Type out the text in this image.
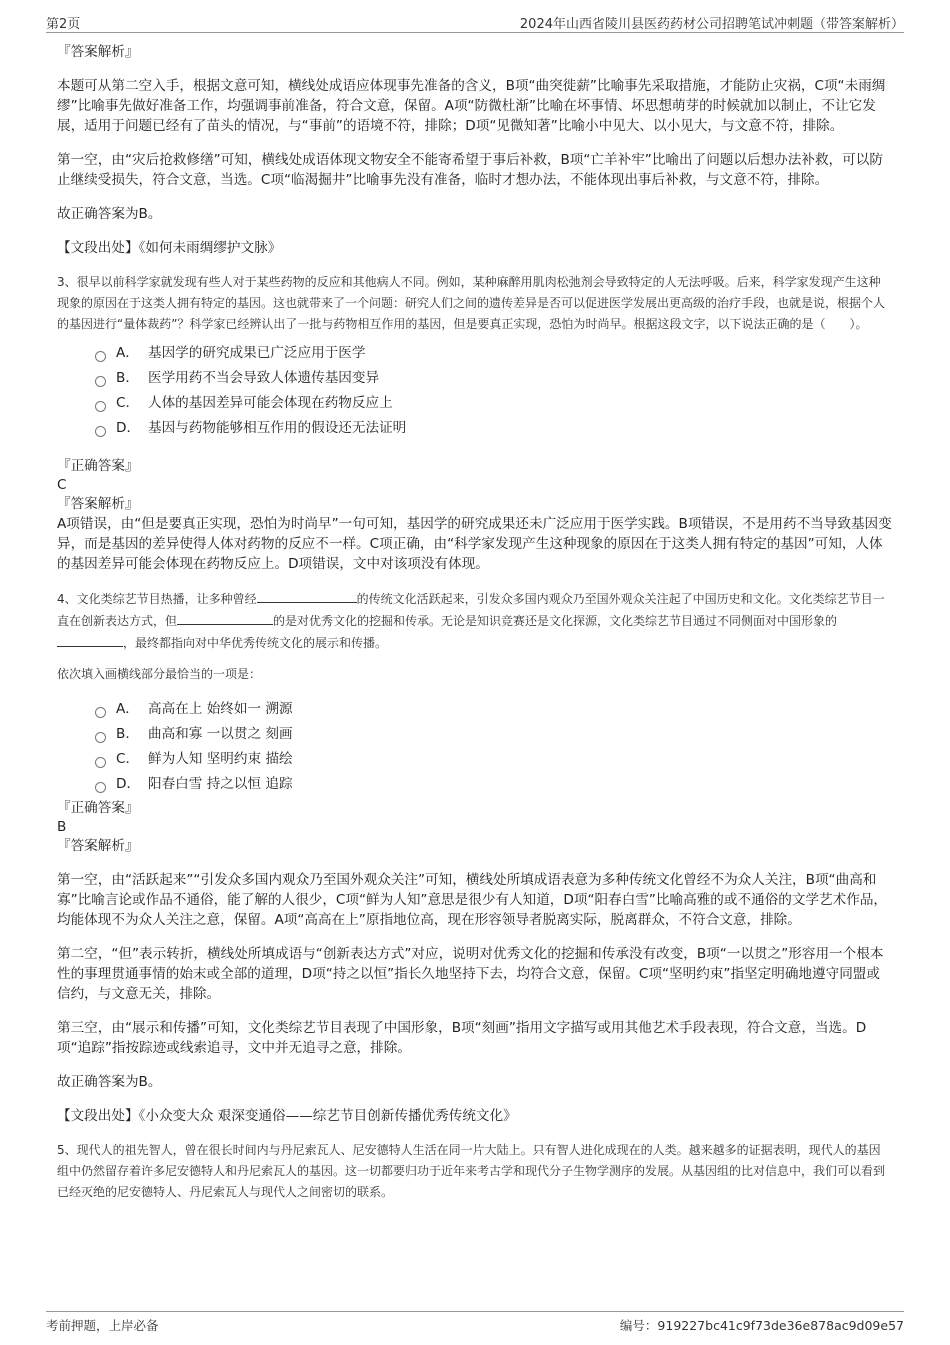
第2页	2024年山西省陵川县医药药材公司招聘笔试冲刺题（带答案解析）

『答案解析』

本题可从第二空入手，根据文意可知，横线处成语应体现事先准备的含义，B项“曲突徙薪”比喻事先采取措施，才能防止灾祸，C项“未雨绸缪”比喻事先做好准备工作，均强调事前准备，符合文意，保留。A项“防微杜渐”比喻在坏事情、坏思想萌芽的时候就加以制止，不让它发展，适用于问题已经有了苗头的情况，与“事前”的语境不符，排除；D项“见微知著”比喻小中见大、以小见大，与文意不符，排除。

第一空，由“灾后抢救修缮”可知，横线处成语体现文物安全不能寄希望于事后补救，B项“亡羊补牢”比喻出了问题以后想办法补救，可以防止继续受损失，符合文意，当选。C项“临渴掘井”比喻事先没有准备，临时才想办法，不能体现出事后补救，与文意不符，排除。

故正确答案为B。

【文段出处】《如何未雨绸缪护文脉》

3、很早以前科学家就发现有些人对于某些药物的反应和其他病人不同。例如，某种麻醉用肌肉松弛剂会导致特定的人无法呼吸。后来，科学家发现产生这种现象的原因在于这类人拥有特定的基因。这也就带来了一个问题：研究人们之间的遗传差异是否可以促进医学发展出更高级的治疗手段，也就是说，根据个人的基因进行“量体裁药”？科学家已经辨认出了一批与药物相互作用的基因，但是要真正实现，恐怕为时尚早。根据这段文字，以下说法正确的是（　　）。

A． 基因学的研究成果已广泛应用于医学
B． 医学用药不当会导致人体遗传基因变异
C． 人体的基因差异可能会体现在药物反应上
D． 基因与药物能够相互作用的假设还无法证明

『正确答案』

C

『答案解析』

A项错误，由“但是要真正实现，恐怕为时尚早”一句可知，基因学的研究成果还未广泛应用于医学实践。B项错误，不是用药不当导致基因变异，而是基因的差异使得人体对药物的反应不一样。C项正确，由“科学家发现产生这种现象的原因在于这类人拥有特定的基因”可知，人体的基因差异可能会体现在药物反应上。D项错误，文中对该项没有体现。

4、文化类综艺节目热播，让多种曾经	的传统文化活跃起来，引发众多国内观众乃至国外观众关注起了中国历史和文化。文化类综艺节目一直在创新表达方式，但	的是对优秀文化的挖掘和传承。无论是知识竞赛还是文化探源，文化类综艺节目通过不同侧面对中国形象的，最终都指向对中华优秀传统文化的展示和传播。

依次填入画横线部分最恰当的一项是：

A． 高高在上 始终如一 溯源
B． 曲高和寡 一以贯之 刻画
C． 鲜为人知 坚明约束 描绘
D． 阳春白雪 持之以恒 追踪

『正确答案』

B

『答案解析』

第一空，由“活跃起来”“引发众多国内观众乃至国外观众关注”可知，横线处所填成语表意为多种传统文化曾经不为众人关注，B项“曲高和寡”比喻言论或作品不通俗，能了解的人很少，C项“鲜为人知”意思是很少有人知道，D项“阳春白雪”比喻高雅的或不通俗的文学艺术作品，均能体现不为众人关注之意，保留。A项“高高在上”原指地位高，现在形容领导者脱离实际，脱离群众，不符合文意，排除。

第二空，“但”表示转折，横线处所填成语与“创新表达方式”对应，说明对优秀文化的挖掘和传承没有改变，B项“一以贯之”形容用一个根本性的事理贯通事情的始末或全部的道理，D项“持之以恒”指长久地坚持下去，均符合文意，保留。C项“坚明约束”指坚定明确地遵守同盟或信约，与文意无关，排除。

第三空，由“展示和传播”可知，文化类综艺节目表现了中国形象，B项“刻画”指用文字描写或用其他艺术手段表现，符合文意，当选。D项“追踪”指按踪迹或线索追寻，文中并无追寻之意，排除。

故正确答案为B。

【文段出处】《小众变大众 艰深变通俗——综艺节目创新传播优秀传统文化》

5、现代人的祖先智人，曾在很长时间内与丹尼索瓦人、尼安德特人生活在同一片大陆上。只有智人进化成现在的人类。越来越多的证据表明，现代人的基因组中仍然留存着许多尼安德特人和丹尼索瓦人的基因。这一切都要归功于近年来考古学和现代分子生物学测序的发展。从基因组的比对信息中，我们可以看到已经灭绝的尼安德特人、丹尼索瓦人与现代人之间密切的联系。

考前押题，上岸必备	编号：919227bc41c9f73de36e878ac9d09e57
